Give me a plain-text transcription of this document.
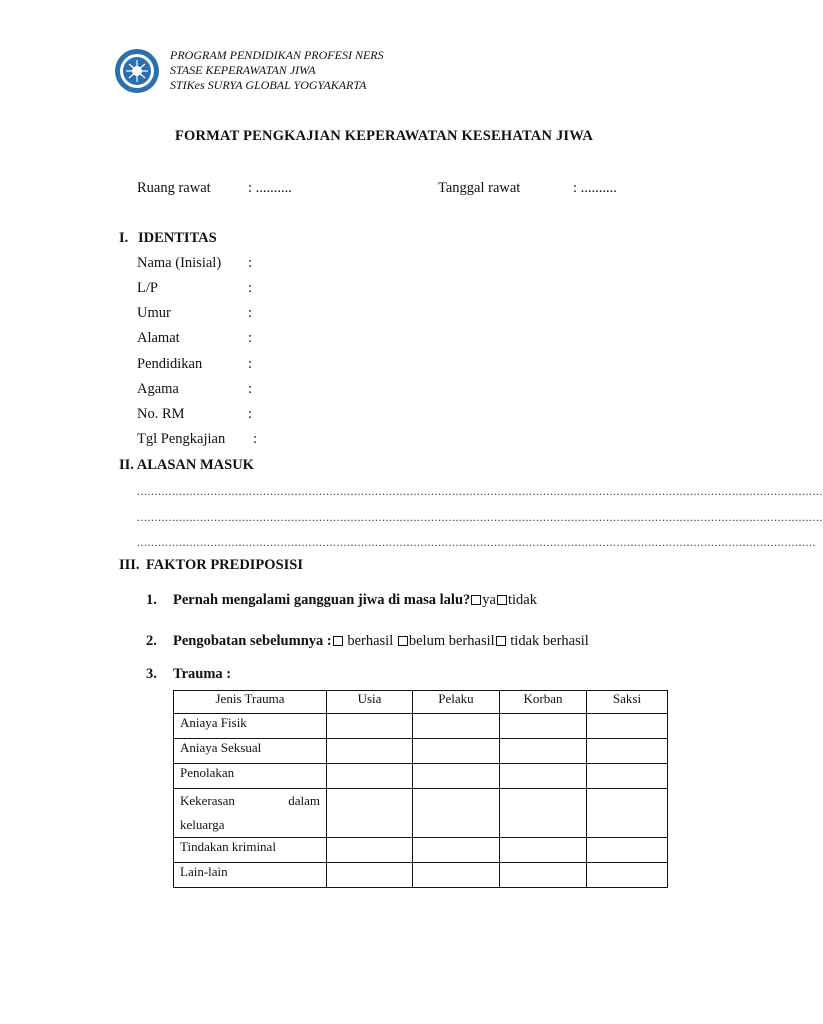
PROGRAM PENDIDIKAN PROFESI NERS
STASE KEPERAWATAN JIWA
STIKes SURYA GLOBAL YOGYAKARTA
FORMAT PENGKAJIAN KEPERAWATAN KESEHATAN JIWA
Ruang rawat	: ..........	Tanggal rawat	: ..........
I. IDENTITAS
Nama (Inisial) :
L/P	:
Umur	:
Alamat	:
Pendidikan	:
Agama	:
No. RM	:
Tgl Pengkajian :
II. ALASAN MASUK
....................................................................................................................................................................................................
....................................................................................................................................................................................................
..................................................................................................................................................................................................
III. FAKTOR PREDIPOSISI
1. Pernah mengalami gangguan jiwa di masa lalu? ya tidak
2. Pengobatan sebelumnya : berhasil belum berhasil tidak berhasil
3. Trauma :
Jenis Trauma	Usia	Pelaku	Korban	Saksi
Aniaya Fisik				
Aniaya Seksual				
Penolakan				

Kekerasan dalam
keluarga				

Tindakan kriminal				
Lain-lain				
